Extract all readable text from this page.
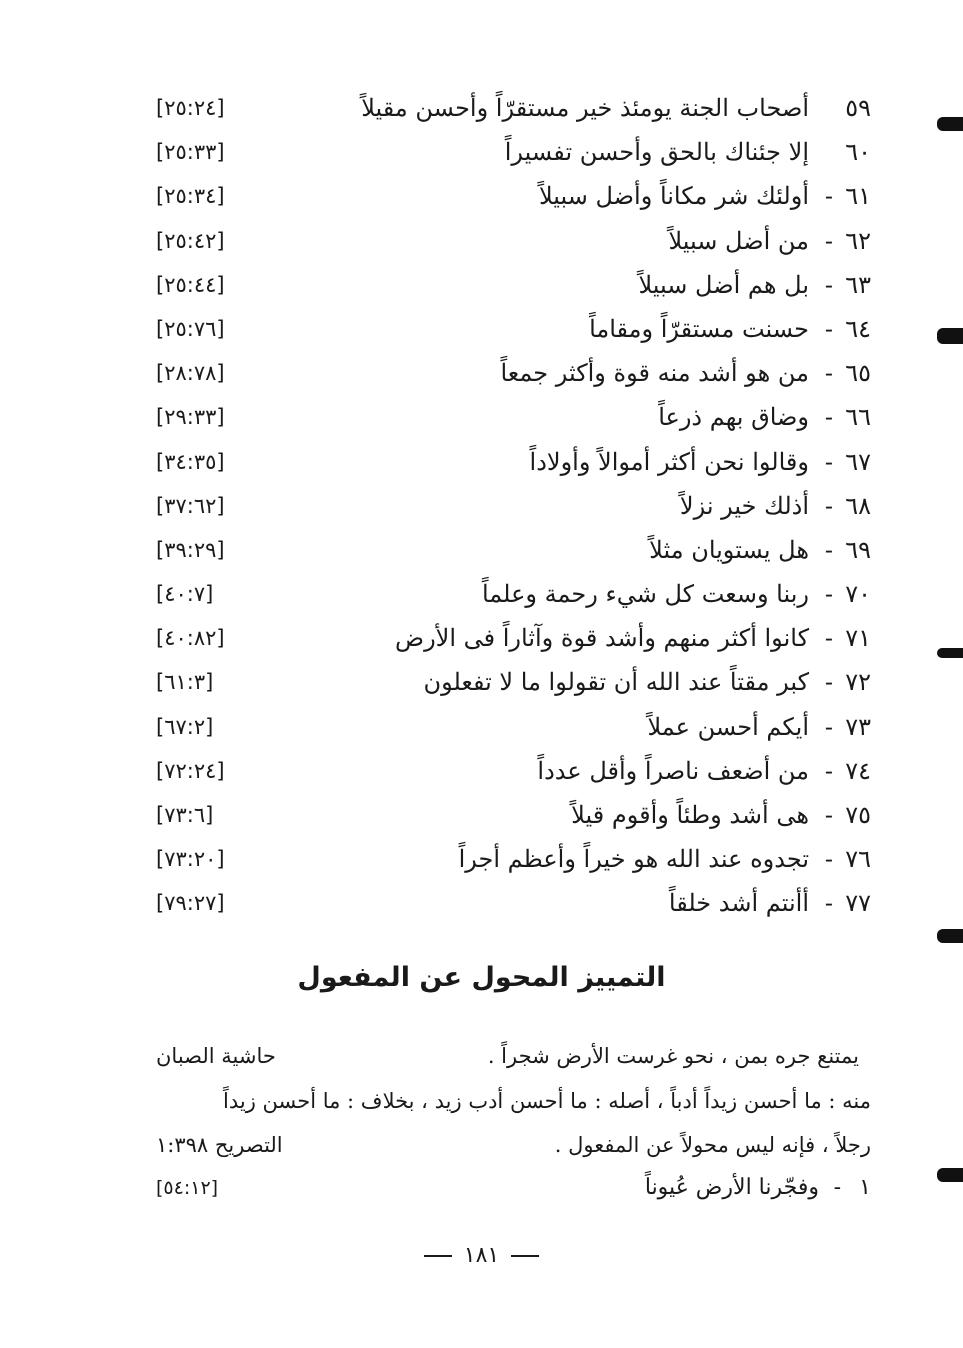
٥٩
أصحاب الجنة يومئذ خير مستقرّاً وأحسن مقيلاً
[٢٥:٢٤]
٦٠
إلا جئناك بالحق وأحسن تفسيراً
[٢٥:٣٣]
٦١
-
أولئك شر مكاناً وأضل سبيلاً
[٢٥:٣٤]
٦٢
-
من أضل سبيلاً
[٢٥:٤٢]
٦٣
-
بل هم أضل سبيلاً
[٢٥:٤٤]
٦٤
-
حسنت مستقرّاً ومقاماً
[٢٥:٧٦]
٦٥
-
من هو أشد منه قوة وأكثر جمعاً
[٢٨:٧٨]
٦٦
-
وضاق بهم ذرعاً
[٢٩:٣٣]
٦٧
-
وقالوا نحن أكثر أموالاً وأولاداً
[٣٤:٣٥]
٦٨
-
أذلك خير نزلاً
[٣٧:٦٢]
٦٩
-
هل يستويان مثلاً
[٣٩:٢٩]
٧٠
-
ربنا وسعت كل شيء رحمة وعلماً
[٤٠:٧]
٧١
-
كانوا أكثر منهم وأشد قوة وآثاراً فى الأرض
[٤٠:٨٢]
٧٢
-
كبر مقتاً عند الله أن تقولوا ما لا تفعلون
[٦١:٣]
٧٣
-
أيكم أحسن عملاً
[٦٧:٢]
٧٤
-
من أضعف ناصراً وأقل عدداً
[٧٢:٢٤]
٧٥
-
هى أشد وطئاً وأقوم قيلاً
[٧٣:٦]
٧٦
-
تجدوه عند الله هو خيراً وأعظم أجراً
[٧٣:٢٠]
٧٧
-
أأنتم أشد خلقاً
[٧٩:٢٧]
التمييز المحول عن المفعول
يمتنع جره بمن ، نحو غرست الأرض شجراً .
حاشية الصبان
منه : ما أحسن زيداً أدباً ، أصله : ما أحسن أدب زيد ، بخلاف : ما أحسن زيداً
رجلاً ، فإنه ليس محولاً عن المفعول .
التصريح ١:٣٩٨
١
-
وفجّرنا الأرض عُيوناً
[٥٤:١٢]
١٨١
